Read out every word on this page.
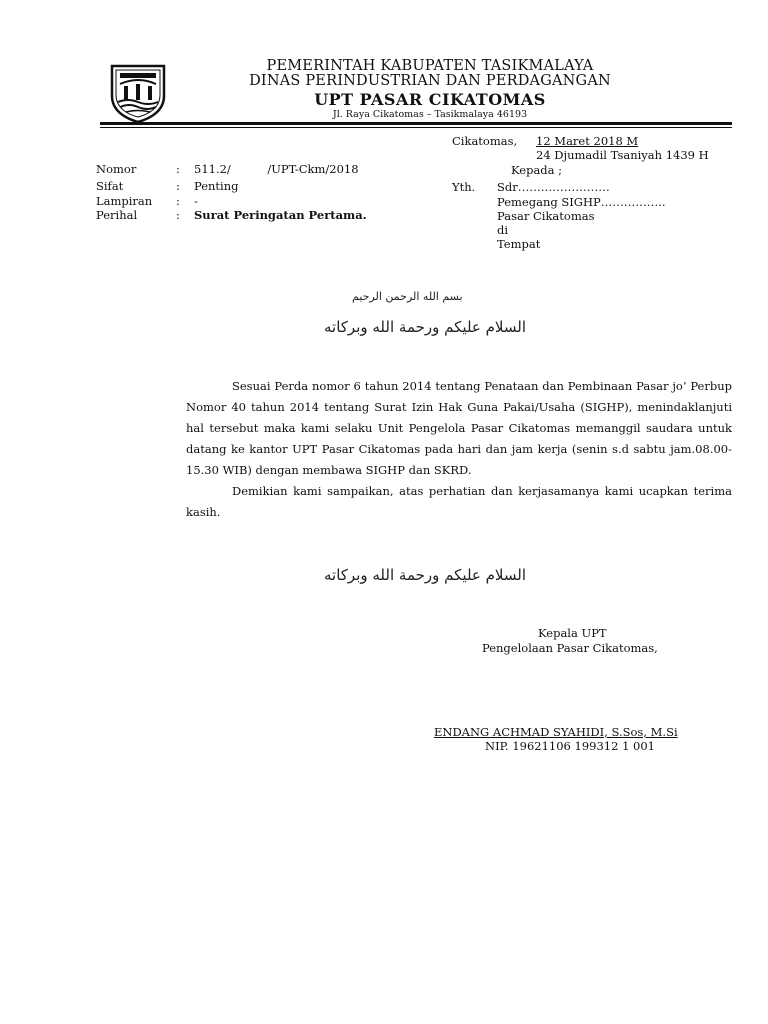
PEMERINTAH KABUPATEN TASIKMALAYA
DINAS PERINDUSTRIAN DAN PERDAGANGAN
UPT PASAR CIKATOMAS
Jl. Raya Cikatomas – Tasikmalaya 46193
Cikatomas, 12 Maret 2018 M
24 Djumadil Tsaniyah 1439 H
Nomor	: 511.2/          /UPT-Ckm/2018
Sifat	: Penting
Lampiran : -
Perihal	: Surat Peringatan Pertama.
Kepada ;
Yth. Sdr……………………
Pemegang SIGHP……………..
Pasar Cikatomas
di
Tempat
بسم الله الرحمن الرحيم
السلام عليكم ورحمة الله وبركاته

Sesuai Perda nomor 6 tahun 2014 tentang Penataan dan Pembinaan Pasar jo’ Perbup Nomor 40 tahun 2014 tentang Surat Izin Hak Guna Pakai/Usaha (SIGHP), menindaklanjuti hal tersebut maka kami selaku Unit Pengelola Pasar Cikatomas memanggil saudara untuk datang ke kantor UPT Pasar Cikatomas pada hari dan jam kerja (senin s.d sabtu jam.08.00-15.30 WIB) dengan membawa SIGHP dan SKRD.

Demikian kami sampaikan, atas perhatian dan kerjasamanya kami ucapkan terima kasih.

السلام عليكم ورحمة الله وبركاته
Kepala UPT
Pengelolaan Pasar Cikatomas,
ENDANG ACHMAD SYAHIDI, S.Sos, M.Si
NIP. 19621106 199312 1 001
